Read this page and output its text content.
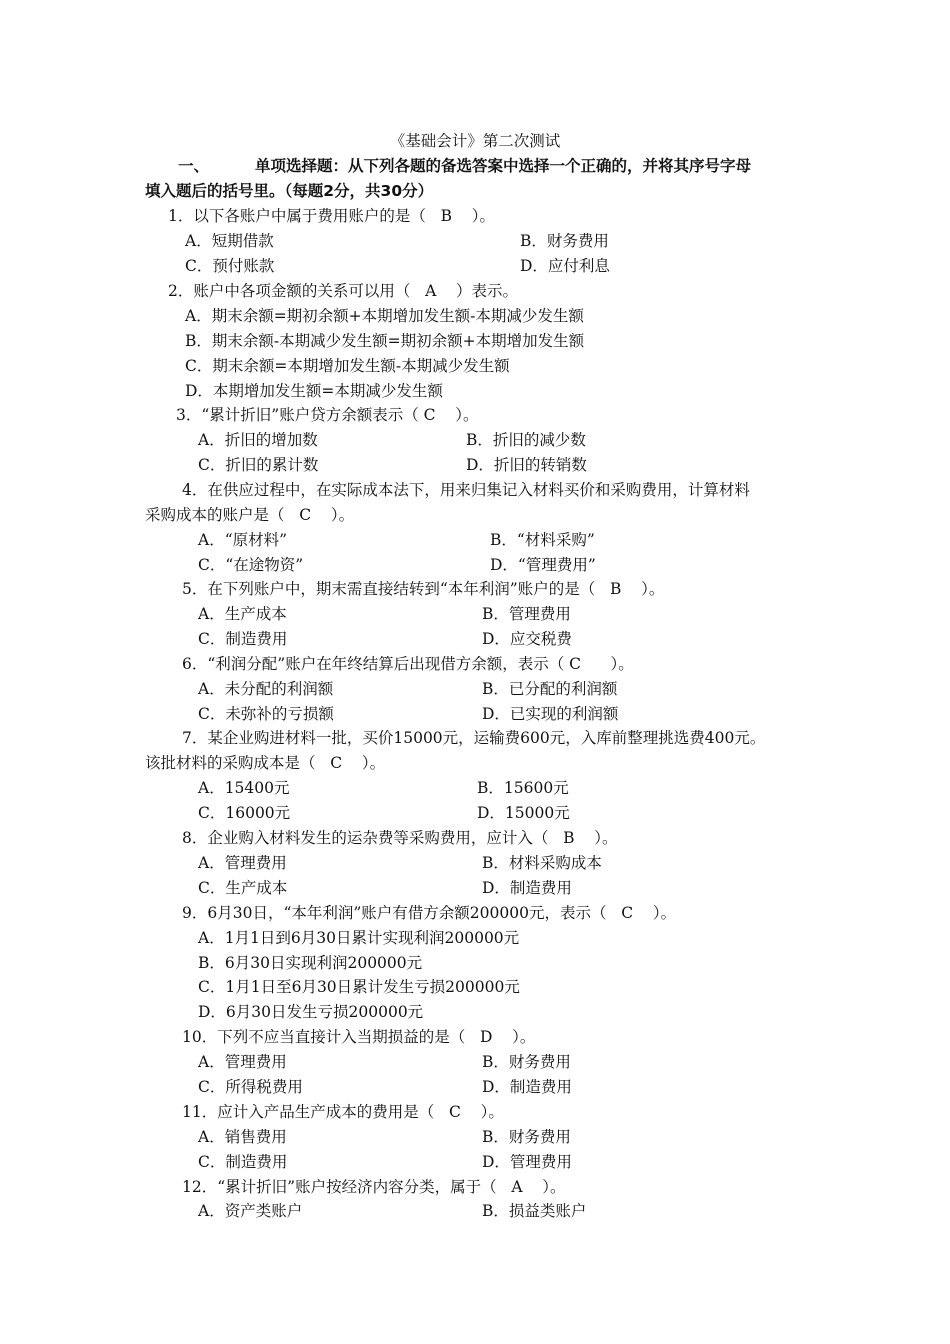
《基础会计》第二次测试
一、	单项选择题：从下列各题的备选答案中选择一个正确的，并将其序号字母
填入题后的括号里。（每题2分，共30分）
1．以下各账户中属于费用账户的是（   B    ）。
A．短期借款	B．财务费用
C．预付账款	D．应付利息
2．账户中各项金额的关系可以用（   A    ）表示。
A．期末余额=期初余额+本期增加发生额-本期减少发生额
B．期末余额-本期减少发生额=期初余额+本期增加发生额
C．期末余额=本期增加发生额-本期减少发生额
D．本期增加发生额=本期减少发生额
3．“累计折旧”账户贷方余额表示（ C    ）。
A．折旧的增加数	B．折旧的减少数
C．折旧的累计数	D．折旧的转销数
4．在供应过程中，在实际成本法下，用来归集记入材料买价和采购费用，计算材料
采购成本的账户是（   C    ）。
A．“原材料”	B．“材料采购”
C．“在途物资”	D．“管理费用”
5．在下列账户中，期末需直接结转到“本年利润”账户的是（   B    ）。
A．生产成本	B．管理费用
C．制造费用	D．应交税费
6．“利润分配”账户在年终结算后出现借方余额，表示（ C      ）。
A．未分配的利润额	B．已分配的利润额
C．未弥补的亏损额	D．已实现的利润额
7．某企业购进材料一批，买价15000元，运输费600元，入库前整理挑选费400元。
该批材料的采购成本是（   C    ）。
A．15400元	B．15600元
C．16000元	D．15000元
8．企业购入材料发生的运杂费等采购费用，应计入（   B    ）。
A．管理费用	B．材料采购成本
C．生产成本	D．制造费用
9．6月30日，“本年利润”账户有借方余额200000元，表示（   C    ）。
A．1月1日到6月30日累计实现利润200000元
B．6月30日实现利润200000元
C．1月1日至6月30日累计发生亏损200000元
D．6月30日发生亏损200000元
10．下列不应当直接计入当期损益的是（   D    ）。
A．管理费用	B．财务费用
C．所得税费用	D．制造费用
11．应计入产品生产成本的费用是（   C    ）。
A．销售费用	B．财务费用
C．制造费用	D．管理费用
12．“累计折旧”账户按经济内容分类，属于（   A    ）。
A．资产类账户	B．损益类账户
